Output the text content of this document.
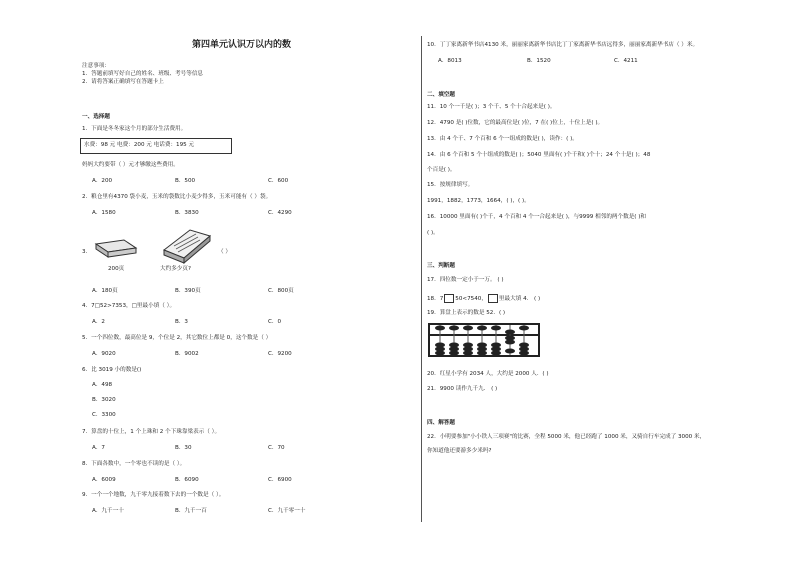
第四单元认识万以内的数
注意事项：
1．答题前填写好自己的姓名、班级、考号等信息
2．请将答案正确填写在答题卡上
一、选择题
1．下面是冬冬家这个月的部分生活费用。
水费：98 元 电费：200 元 电话费：195 元
妈妈大约要带（ ）元才够缴这些费用。
A．200	B．500	C．600
2．粮仓里有4370 袋小麦，玉米的袋数比小麦少得多，玉米可能有（ ）袋。
A．1580	B．3830	C．4290
3．
200页	大约多少页?
（ ）
A．180页	B．390页	C．800页
4．7□52>7353，□里最小填（ ）。
A．2	B．3	C．0
5．一个四位数，最高位是 9，个位是 2，其它数位上都是 0，这个数是（ ）
A．9020	B．9002	C．9200
6．比 3019 小的数是()
A．498
B．3020
C．3300
7．算盘的十位上，1 个上珠和 2 个下珠靠梁表示（ ）。
A．7	B．30	C．70
8．下面各数中，一个零也不读的是（ ）。
A．6009	B．6090	C．6900
9．一个一个地数，九千零九接着数下去的一个数是（ ）。
A．九千一十	B．九千一百	C．九千零一十
10．丁丁家离新华书店4130 米，丽丽家离新华书店比丁丁家离新华书店远得多，丽丽家离新华书店（ ）米。
A．8013	B．1520	C．4211
二、填空题
11．10 个一千是( )；3 个千、5 个十合起来是( )。
12．4790 是( )位数，它的最高位是( )位，7 在( )位上，十位上是( )。
13．由 4 个千、7 个百和 6 个一组成的数是( )，读作：( )。
14．由 6 个百和 5 个十组成的数是( )；5040 里面有( )个千和( )个十；24 个十是( )；48
个百是( )。
15．按规律填写。
1991，1882，1773，1664，( )，( )。
16．10000 里面有( )个千，4 个百和 4 个一合起来是( )，与9999 相邻的两个数是( )和
( )。
三、判断题
17．四位数一定小于一万。 ( )
18．7 50<7540， 里最大填 4． ( )
19．算盘上表示的数是 52．( )
20．红星小学有 2034 人，大约是 2000 人．( )
21．9900 读作九千九． ( )
四、解答题
22．小明要参加"小小铁人三项赛"的比赛，全程 5000 米，他已经跑了 1000 米，又骑自行车完成了 3000 米，
你知道他还要游多少米吗?
